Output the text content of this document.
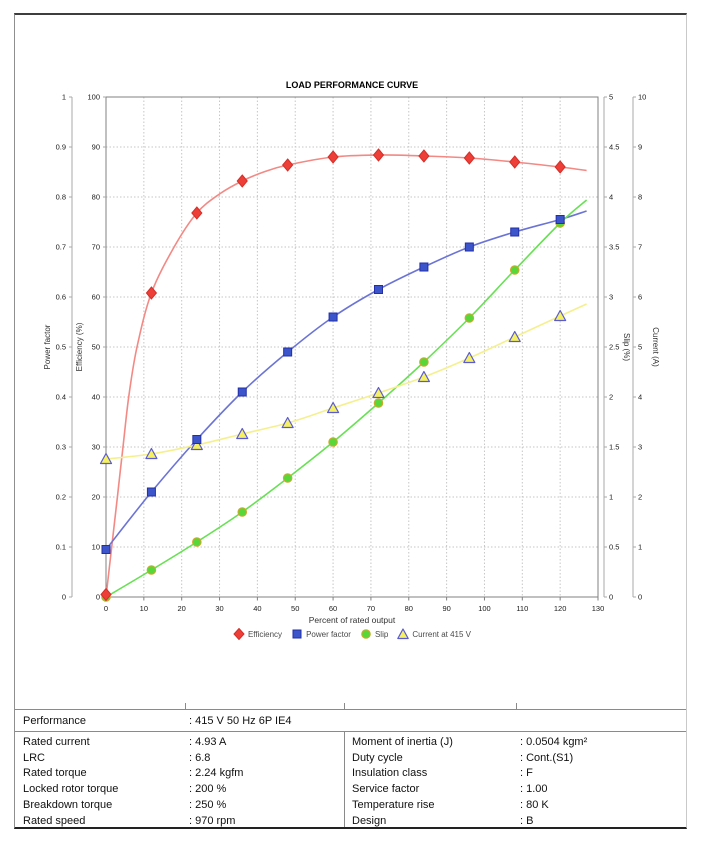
LOAD PERFORMANCE CURVE
0
0.1
0.2
0.3
0.4
0.5
0.6
0.7
0.8
0.9
1
Power factor
0
10
20
30
40
50
60
70
80
90
100
Efficiency (%)
0
0.5
1
1.5
2
2.5
3
3.5
4
4.5
5
Slip (%)
0
1
2
3
4
5
6
7
8
9
10
Current (A)
0	10	20	30	40	50	60	70	80	90	100	110	120	130
Percent of rated output
Efficiency	Power factor	Slip	Current at 415 V
Performance	: 415 V 50 Hz 6P IE4
Rated current	: 4.93 A
LRC	: 6.8
Rated torque	: 2.24 kgfm
Locked rotor torque	: 200 %
Breakdown torque	: 250 %
Rated speed	: 970 rpm
Moment of inertia (J)	: 0.0504 kgm²
Duty cycle	: Cont.(S1)
Insulation class	: F
Service factor	: 1.00
Temperature rise	: 80 K
Design	: B
